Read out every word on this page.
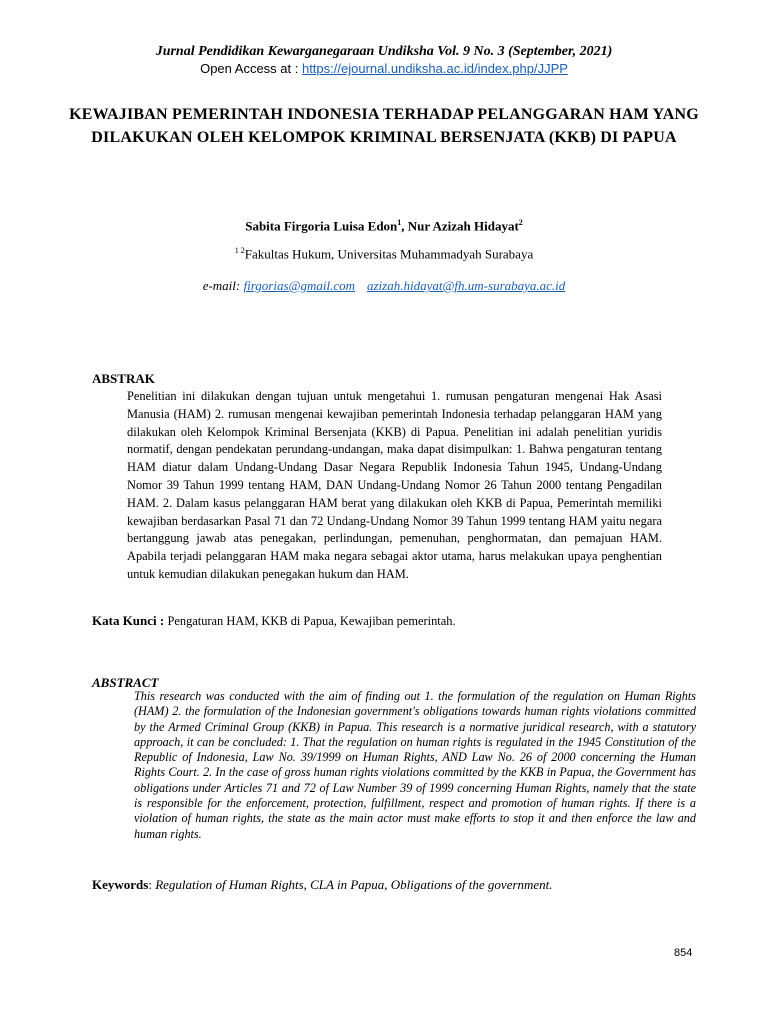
Jurnal Pendidikan Kewarganegaraan Undiksha Vol. 9 No. 3 (September, 2021)
Open Access at : https://ejournal.undiksha.ac.id/index.php/JJPP
KEWAJIBAN PEMERINTAH INDONESIA TERHADAP PELANGGARAN HAM YANG DILAKUKAN OLEH KELOMPOK KRIMINAL BERSENJATA (KKB) DI PAPUA
Sabita Firgoria Luisa Edon$^1$, Nur Azizah Hidayat$^2$
$^{1 2}$Fakultas Hukum, Universitas Muhammadyah Surabaya
e-mail: firgorias@gmail.com azizah.hidayat@fh.um-surabaya.ac.id
ABSTRAK
Penelitian ini dilakukan dengan tujuan untuk mengetahui 1. rumusan pengaturan mengenai Hak Asasi Manusia (HAM) 2. rumusan mengenai kewajiban pemerintah Indonesia terhadap pelanggaran HAM yang dilakukan oleh Kelompok Kriminal Bersenjata (KKB) di Papua. Penelitian ini adalah penelitian yuridis normatif, dengan pendekatan perundang-undangan, maka dapat disimpulkan: 1. Bahwa pengaturan tentang HAM diatur dalam Undang-Undang Dasar Negara Republik Indonesia Tahun 1945, Undang-Undang Nomor 39 Tahun 1999 tentang HAM, DAN Undang-Undang Nomor 26 Tahun 2000 tentang Pengadilan HAM. 2. Dalam kasus pelanggaran HAM berat yang dilakukan oleh KKB di Papua, Pemerintah memiliki kewajiban berdasarkan Pasal 71 dan 72 Undang-Undang Nomor 39 Tahun 1999 tentang HAM yaitu negara bertanggung jawab atas penegakan, perlindungan, pemenuhan, penghormatan, dan pemajuan HAM. Apabila terjadi pelanggaran HAM maka negara sebagai aktor utama, harus melakukan upaya penghentian untuk kemudian dilakukan penegakan hukum dan HAM.
Kata Kunci : Pengaturan HAM, KKB di Papua, Kewajiban pemerintah.
ABSTRACT
This research was conducted with the aim of finding out 1. the formulation of the regulation on Human Rights (HAM) 2. the formulation of the Indonesian government's obligations towards human rights violations committed by the Armed Criminal Group (KKB) in Papua. This research is a normative juridical research, with a statutory approach, it can be concluded: 1. That the regulation on human rights is regulated in the 1945 Constitution of the Republic of Indonesia, Law No. 39/1999 on Human Rights, AND Law No. 26 of 2000 concerning the Human Rights Court. 2. In the case of gross human rights violations committed by the KKB in Papua, the Government has obligations under Articles 71 and 72 of Law Number 39 of 1999 concerning Human Rights, namely that the state is responsible for the enforcement, protection, fulfillment, respect and promotion of human rights. If there is a violation of human rights, the state as the main actor must make efforts to stop it and then enforce the law and human rights.
Keywords: Regulation of Human Rights, CLA in Papua, Obligations of the government.
854
